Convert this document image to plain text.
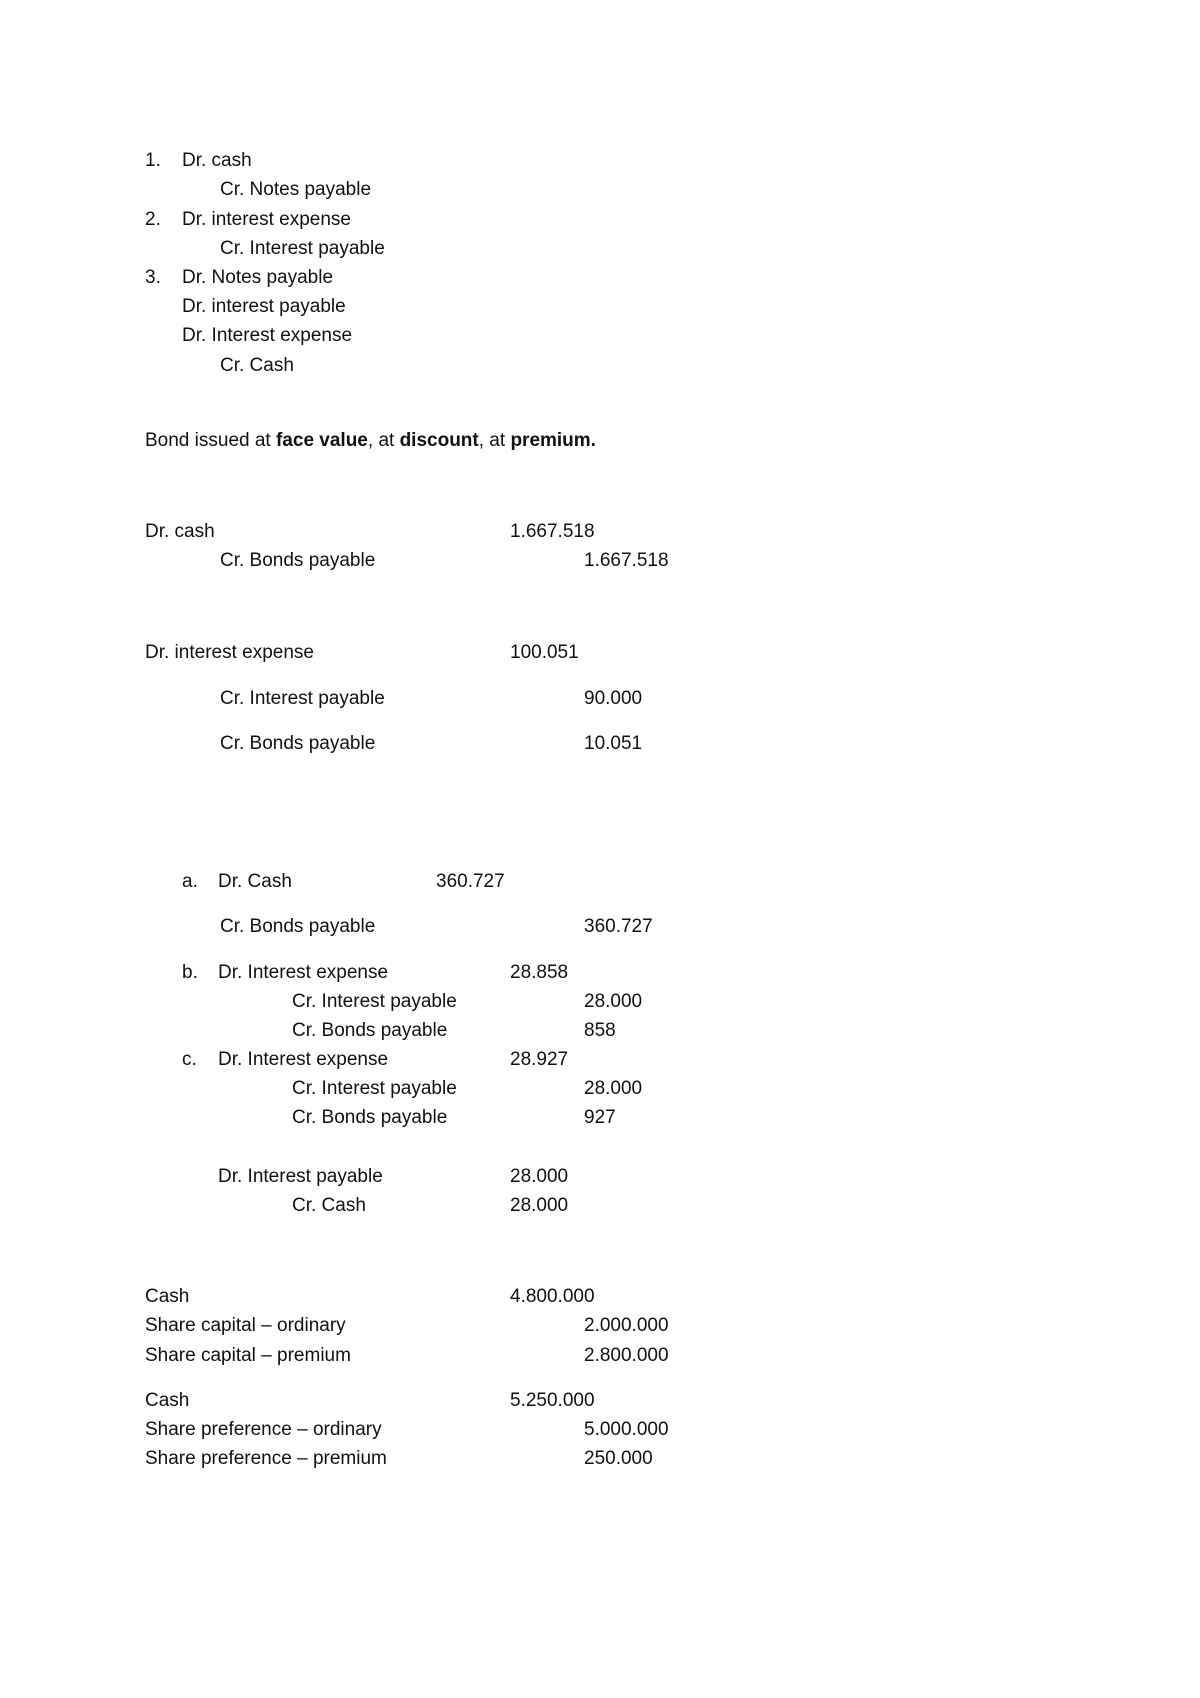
1. Dr. cash
Cr. Notes payable
2. Dr. interest expense
Cr. Interest payable
3. Dr. Notes payable
Dr. interest payable
Dr. Interest expense
Cr. Cash
Bond issued at face value, at discount, at premium.
Dr. cash	1.667.518
Cr. Bonds payable	1.667.518
Dr. interest expense	100.051
Cr. Interest payable	90.000
Cr. Bonds payable	10.051
a. Dr. Cash	360.727
Cr. Bonds payable	360.727
b. Dr. Interest expense	28.858
Cr. Interest payable	28.000
Cr. Bonds payable	858
c. Dr. Interest expense	28.927
Cr. Interest payable	28.000
Cr. Bonds payable	927
Dr. Interest payable	28.000
Cr. Cash	28.000
Cash	4.800.000
Share capital – ordinary	2.000.000
Share capital – premium	2.800.000
Cash	5.250.000
Share preference – ordinary	5.000.000
Share preference – premium	250.000
